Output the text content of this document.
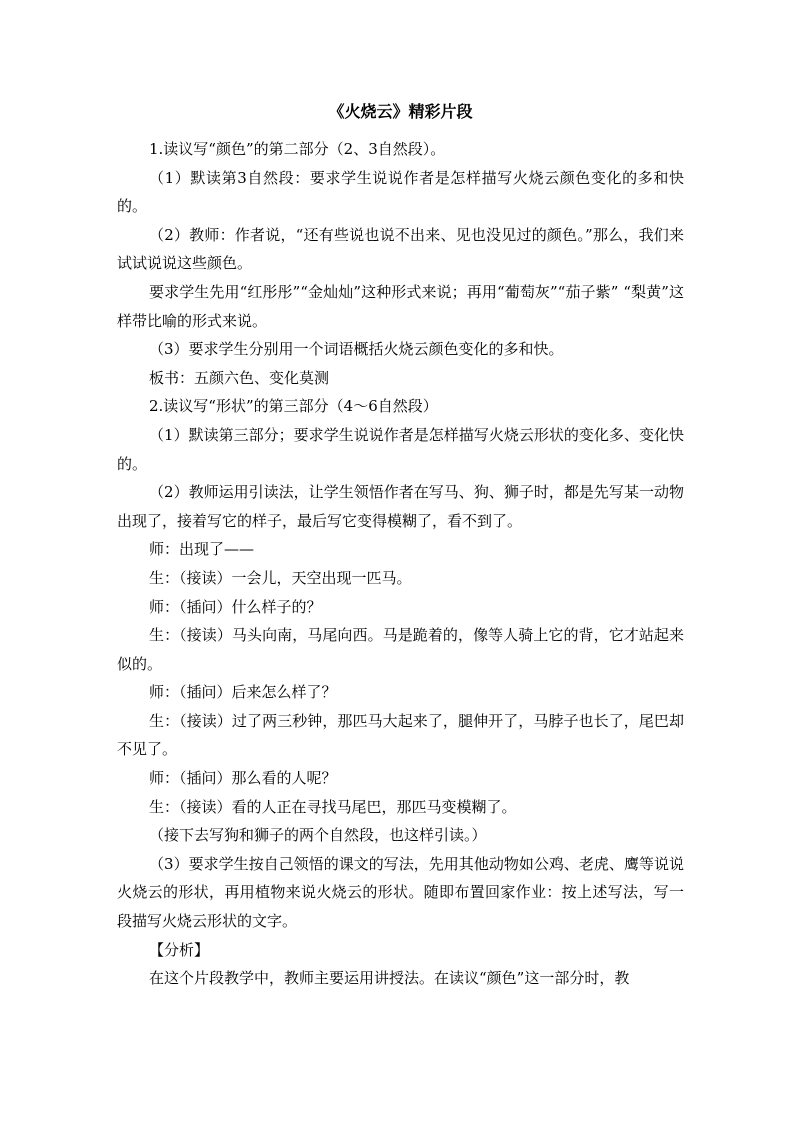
《火烧云》精彩片段

1.读议写“颜色”的第二部分（2、3自然段）。

（1）默读第3自然段：要求学生说说作者是怎样描写火烧云颜色变化的多和快的。

（2）教师：作者说，“还有些说也说不出来、见也没见过的颜色。”那么，我们来试试说说这些颜色。

要求学生先用“红彤彤”“金灿灿”这种形式来说；再用“葡萄灰”“茄子紫” “梨黄”这样带比喻的形式来说。

（3）要求学生分别用一个词语概括火烧云颜色变化的多和快。

板书：五颜六色、变化莫测

2.读议写“形状”的第三部分（4～6自然段）

（1）默读第三部分；要求学生说说作者是怎样描写火烧云形状的变化多、变化快的。

（2）教师运用引读法，让学生领悟作者在写马、狗、狮子时，都是先写某一动物出现了，接着写它的样子，最后写它变得模糊了，看不到了。

师：出现了——

生：（接读）一会儿，天空出现一匹马。

师：（插问）什么样子的？

生：（接读）马头向南，马尾向西。马是跪着的，像等人骑上它的背，它才站起来似的。

师：（插问）后来怎么样了？

生：（接读）过了两三秒钟，那匹马大起来了，腿伸开了，马脖子也长了，尾巴却不见了。

师：（插问）那么看的人呢？

生：（接读）看的人正在寻找马尾巴，那匹马变模糊了。

（接下去写狗和狮子的两个自然段，也这样引读。）

（3）要求学生按自己领悟的课文的写法，先用其他动物如公鸡、老虎、鹰等说说火烧云的形状，再用植物来说火烧云的形状。随即布置回家作业：按上述写法，写一段描写火烧云形状的文字。

【分析】

在这个片段教学中，教师主要运用讲授法。在读议“颜色”这一部分时，教
